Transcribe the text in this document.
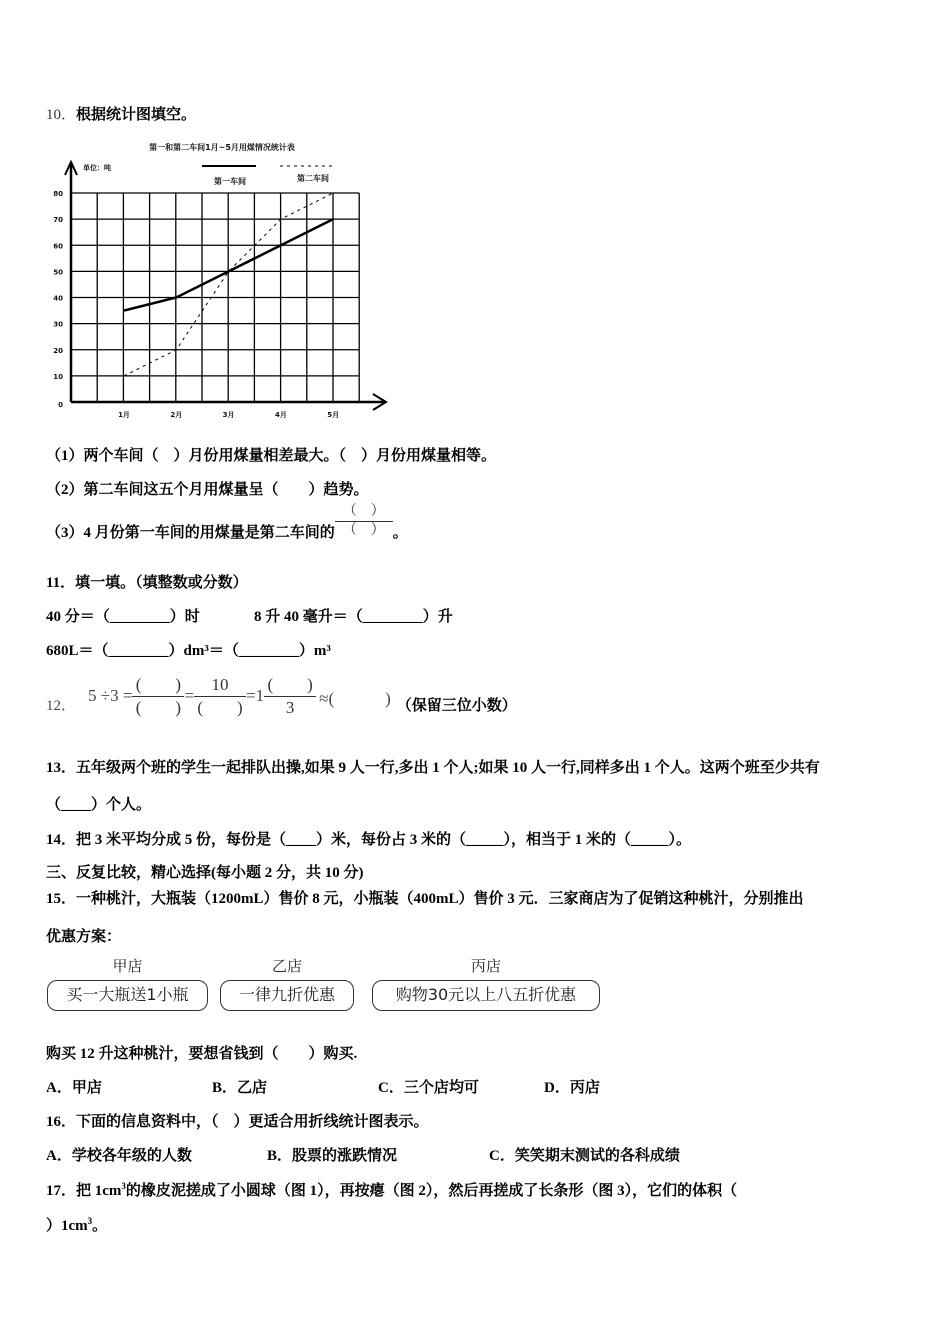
10．根据统计图填空。
第一和第二车间1月~5月用煤情况统计表
单位：吨
第一车间	第二车间
0
10
20
30
40
50
60
70
80
1月	2月	3月	4月	5月
（1）两个车间（　）月份用煤量相差最大。（　）月份用煤量相等。
（2）第二车间这五个月用煤量呈（　　）趋势。
（3）4 月份第一车间的用煤量是第二车间的 $\frac{( )}{( )}$ 。
11．填一填。（填整数或分数）
40 分＝（________）时	8 升 40 毫升＝（________）升
680L＝（________）dm³＝（________）m³
12．
$5 \div 3 = \frac{( )}{( )} = \frac{10}{( )} =1 \frac{( )}{3}$ ≈(　　　) （保留三位小数）
13．五年级两个班的学生一起排队出操,如果 9 人一行,多出 1 个人;如果 10 人一行,同样多出 1 个人。这两个班至少共有
（____）个人。
14．把 3 米平均分成 5 份，每份是（____）米，每份占 3 米的（_____），相当于 1 米的（_____）。
三、反复比较，精心选择(每小题 2 分，共 10 分)
15．一种桃汁，大瓶装（1200mL）售价 8 元，小瓶装（400mL）售价 3 元．三家商店为了促销这种桃汁，分别推出
优惠方案：
甲店
买一大瓶送1小瓶
乙店
一律九折优惠
丙店
购物30元以上八五折优惠
购买 12 升这种桃汁，要想省钱到（　　）购买.
A．甲店	B．乙店	C．三个店均可	D．丙店
16．下面的信息资料中，（　）更适合用折线统计图表示。
A．学校各年级的人数	B．股票的涨跌情况	C．笑笑期末测试的各科成绩
17．把 $1cm^3$的橡皮泥搓成了小圆球（图 1），再按瘪（图 2），然后再搓成了长条形（图 3），它们的体积（
）$1cm^3$。
